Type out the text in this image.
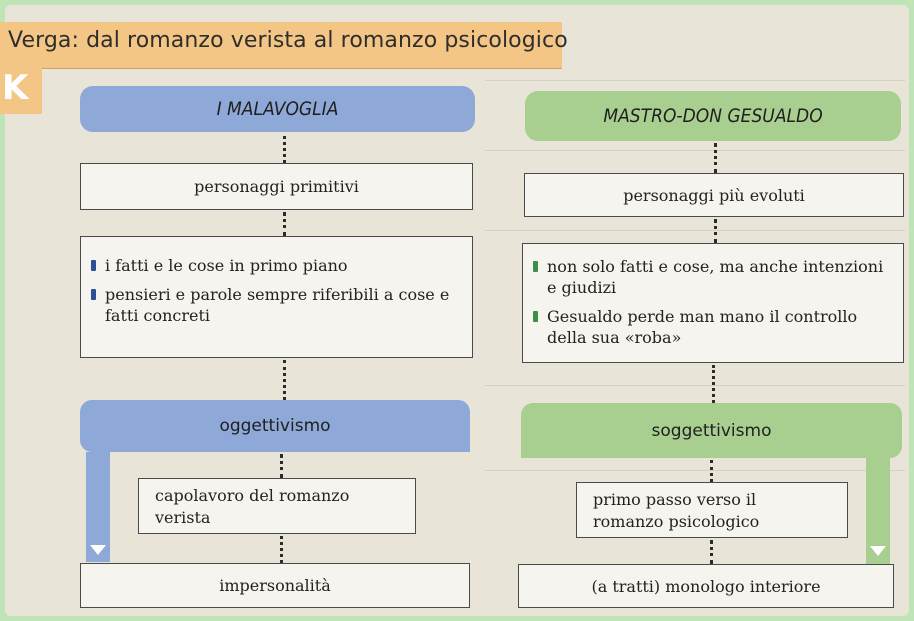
Verga: dal romanzo verista al romanzo psicologico
K
I MALAVOGLIA
personaggi primitivi
i fatti e le cose in primo piano
pensieri e parole sempre riferibili a cose e fatti concreti
oggettivismo
capolavoro del romanzo verista
impersonalità
MASTRO-DON GESUALDO
personaggi più evoluti
non solo fatti e cose, ma anche intenzioni e giudizi
Gesualdo perde man mano il controllo della sua «roba»
soggettivismo
primo passo verso il romanzo psicologico
(a tratti) monologo interiore
